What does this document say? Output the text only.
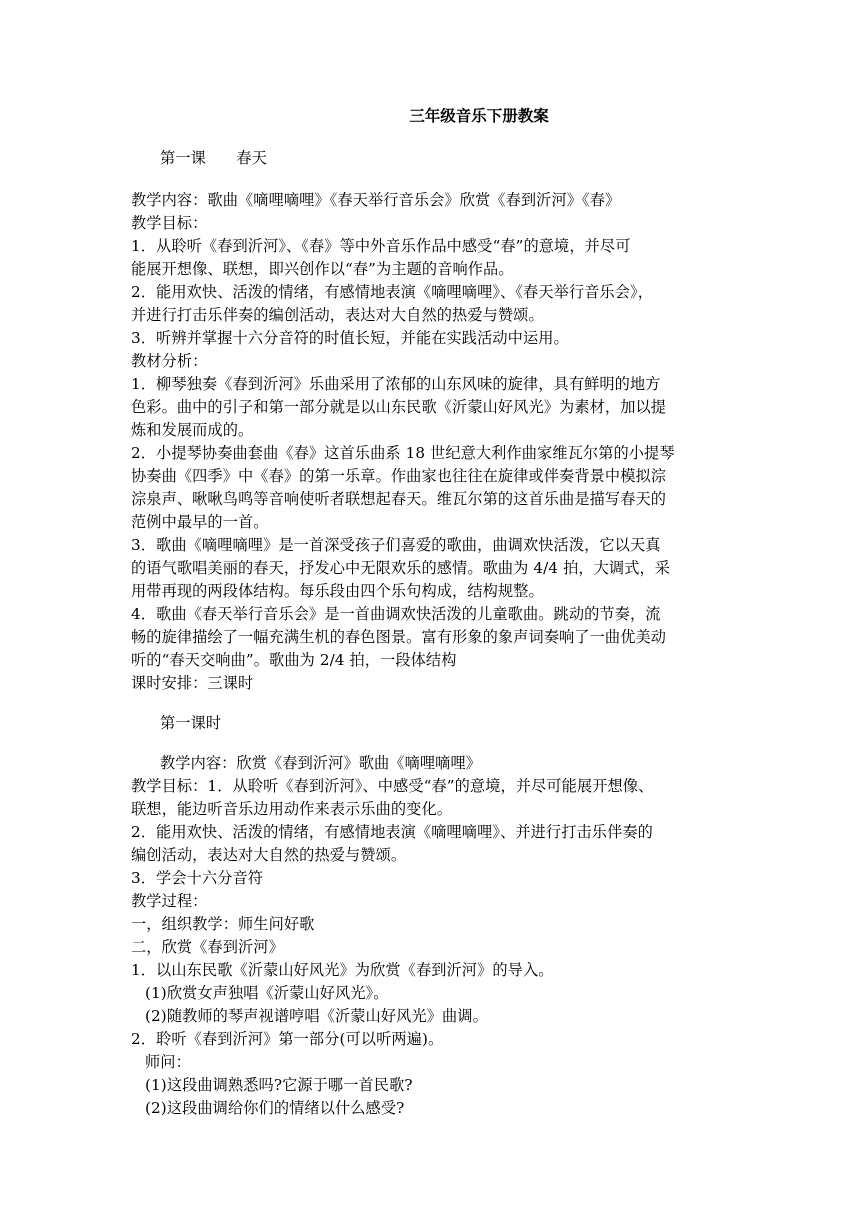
三年级音乐下册教案
第一课　　春天
教学内容：歌曲《嘀哩嘀哩》《春天举行音乐会》欣赏《春到沂河》《春》
教学目标：
1．从聆听《春到沂河》、《春》等中外音乐作品中感受“春”的意境，并尽可
能展开想像、联想，即兴创作以“春”为主题的音响作品。
2．能用欢快、活泼的情绪，有感情地表演《嘀哩嘀哩》、《春天举行音乐会》，
并进行打击乐伴奏的编创活动，表达对大自然的热爱与赞颂。
3．听辨并掌握十六分音符的时值长短，并能在实践活动中运用。
教材分析：
1．柳琴独奏《春到沂河》乐曲采用了浓郁的山东风味的旋律，具有鲜明的地方
色彩。曲中的引子和第一部分就是以山东民歌《沂蒙山好风光》为素材，加以提
炼和发展而成的。
2．小提琴协奏曲套曲《春》这首乐曲系 18 世纪意大利作曲家维瓦尔第的小提琴
协奏曲《四季》中《春》的第一乐章。作曲家也往往在旋律或伴奏背景中模拟淙
淙泉声、啾啾鸟鸣等音响使听者联想起春天。维瓦尔第的这首乐曲是描写春天的
范例中最早的一首。
3．歌曲《嘀哩嘀哩》是一首深受孩子们喜爱的歌曲，曲调欢快活泼，它以天真
的语气歌唱美丽的春天，抒发心中无限欢乐的感情。歌曲为 4/4 拍，大调式，采
用带再现的两段体结构。每乐段由四个乐句构成，结构规整。
4．歌曲《春天举行音乐会》是一首曲调欢快活泼的儿童歌曲。跳动的节奏，流
畅的旋律描绘了一幅充满生机的春色图景。富有形象的象声词奏响了一曲优美动
听的“春天交响曲”。歌曲为 2/4 拍，一段体结构
课时安排：三课时
第一课时
教学内容：欣赏《春到沂河》歌曲《嘀哩嘀哩》
教学目标：1．从聆听《春到沂河》、中感受“春”的意境，并尽可能展开想像、
联想，能边听音乐边用动作来表示乐曲的变化。
2．能用欢快、活泼的情绪，有感情地表演《嘀哩嘀哩》、并进行打击乐伴奏的
编创活动，表达对大自然的热爱与赞颂。
3．学会十六分音符
教学过程：
一，组织教学：师生问好歌
二，欣赏《春到沂河》
1．以山东民歌《沂蒙山好风光》为欣赏《春到沂河》的导入。
(1)欣赏女声独唱《沂蒙山好风光》。
(2)随教师的琴声视谱哼唱《沂蒙山好风光》曲调。
2．聆听《春到沂河》第一部分(可以听两遍)。
师问：
(1)这段曲调熟悉吗?它源于哪一首民歌?
(2)这段曲调给你们的情绪以什么感受?
